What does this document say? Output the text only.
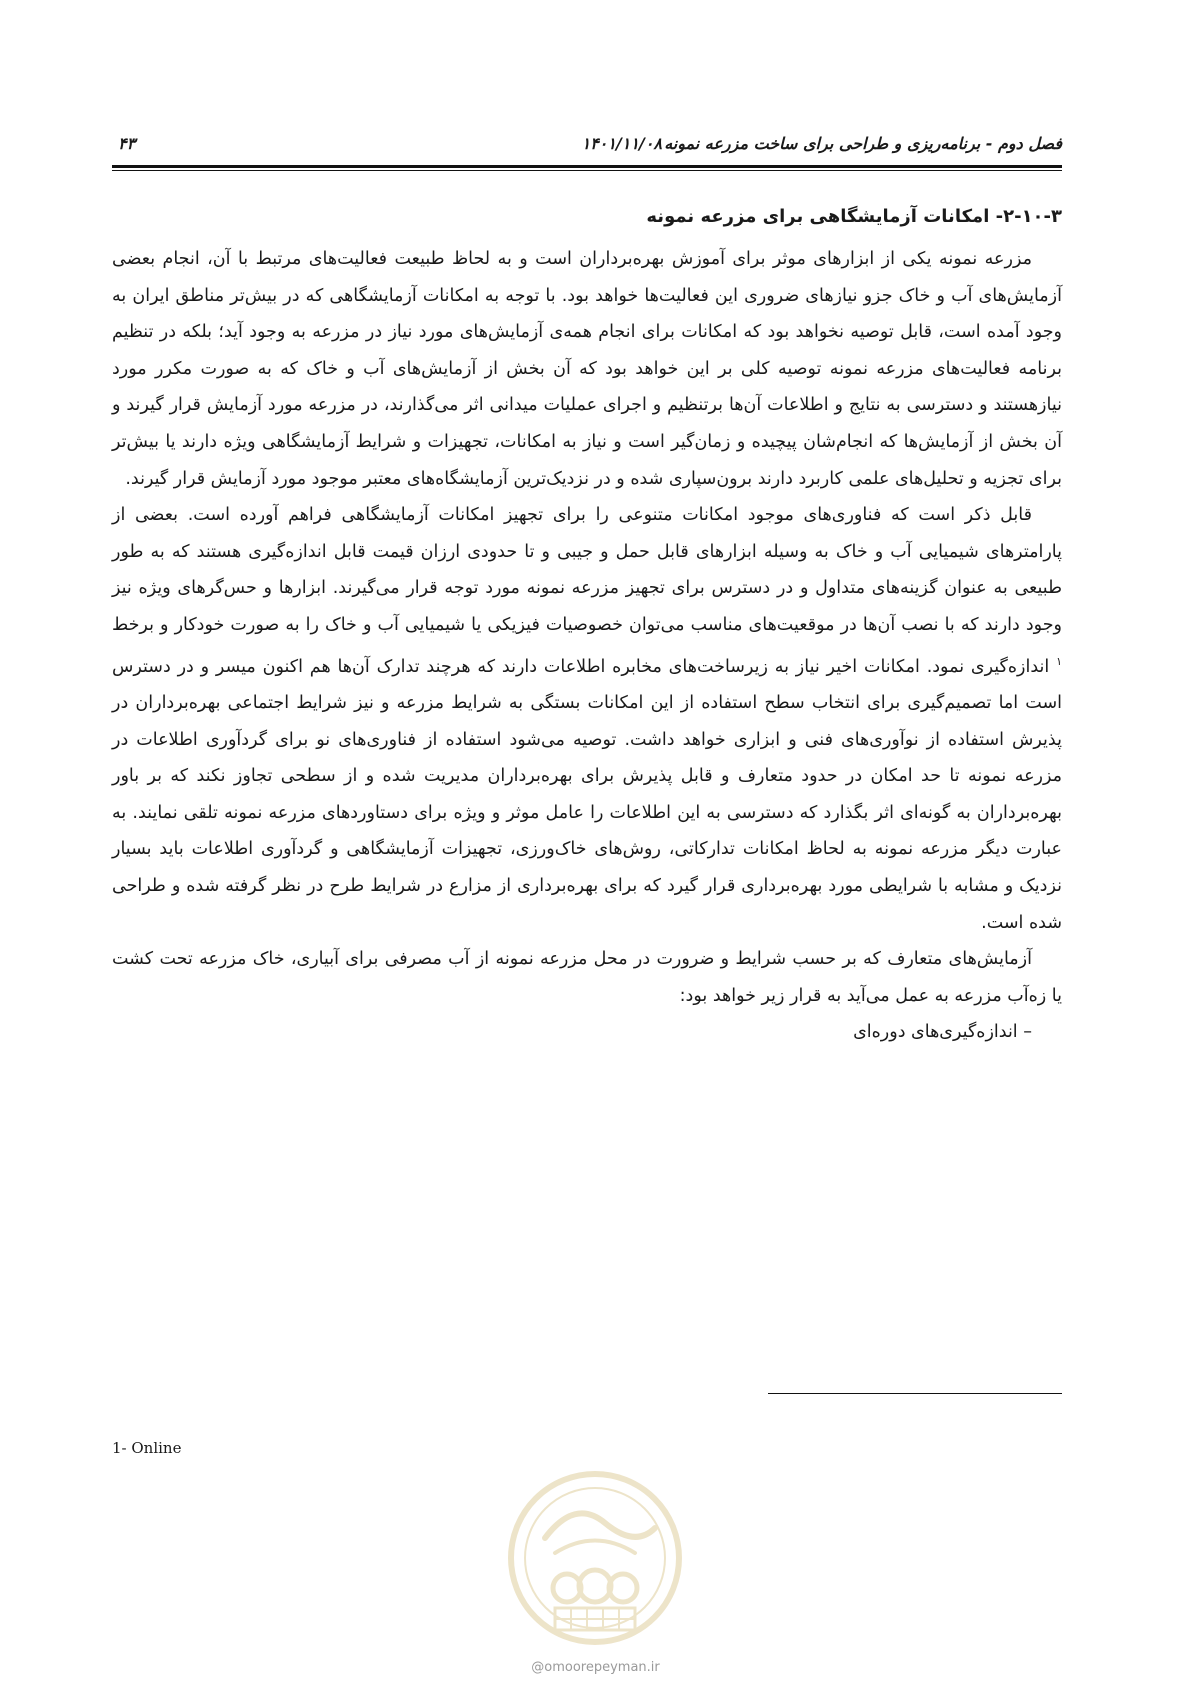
فصل دوم - برنامه‌ریزی و طراحی برای ساخت مزرعه نمونه
۱۴۰۱/۱۱/۰۸
۴۳
۲-۱۰-۳- امکانات آزمایشگاهی برای مزرعه نمونه

مزرعه نمونه یکی از ابزارهای موثر برای آموزش بهره‌برداران است و به لحاظ طبیعت فعالیت‌های مرتبط با آن، انجام بعضی آزمایش‌های آب و خاک جزو نیازهای ضروری این فعالیت‌ها خواهد بود. با توجه به امکانات آزمایشگاهی که در بیش‌تر مناطق ایران به وجود آمده است، قابل توصیه نخواهد بود که امکانات برای انجام همه‌ی آزمایش‌های مورد نیاز در مزرعه به وجود آید؛ بلکه در تنظیم برنامه فعالیت‌های مزرعه نمونه توصیه کلی بر این خواهد بود که آن بخش از آزمایش‌های آب و خاک که به صورت مکرر مورد نیازهستند و دسترسی به نتایج و اطلاعات آن‌ها برتنظیم و اجرای عملیات میدانی اثر می‌گذارند، در مزرعه مورد آزمایش قرار گیرند و آن بخش از آزمایش‌ها که انجام‌شان پیچیده و زمان‌گیر است و نیاز به امکانات، تجهیزات و شرایط آزمایشگاهی ویژه دارند یا بیش‌تر برای تجزیه و تحلیل‌های علمی کاربرد دارند برون‌سپاری شده و در نزدیک‌ترین آزمایشگاه‌های معتبر موجود مورد آزمایش قرار گیرند.

قابل ذکر است که فناوری‌های موجود امکانات متنوعی را برای تجهیز امکانات آزمایشگاهی فراهم آورده است. بعضی از پارامترهای شیمیایی آب و خاک به وسیله ابزارهای قابل حمل و جیبی و تا حدودی ارزان قیمت قابل اندازه‌گیری هستند که به طور طبیعی به عنوان گزینه‌های متداول و در دسترس برای تجهیز مزرعه نمونه مورد توجه قرار می‌گیرند. ابزارها و حس‌گرهای ویژه نیز وجود دارند که با نصب آن‌ها در موقعیت‌های مناسب می‌توان خصوصیات فیزیکی یا شیمیایی آب و خاک را به صورت خودکار و برخط $^۱$ اندازه‌گیری نمود. امکانات اخیر نیاز به زیرساخت‌های مخابره اطلاعات دارند که هرچند تدارک آن‌ها هم اکنون میسر و در دسترس است اما تصمیم‌گیری برای انتخاب سطح استفاده از این امکانات بستگی به شرایط مزرعه و نیز شرایط اجتماعی بهره‌برداران در پذیرش استفاده از نوآوری‌های فنی و ابزاری خواهد داشت. توصیه می‌شود استفاده از فناوری‌های نو برای گردآوری اطلاعات در مزرعه نمونه تا حد امکان در حدود متعارف و قابل پذیرش برای بهره‌برداران مدیریت شده و از سطحی تجاوز نکند که بر باور بهره‌برداران به گونه‌ای اثر بگذارد که دسترسی به این اطلاعات را عامل موثر و ویژه برای دستاوردهای مزرعه نمونه تلقی نمایند. به عبارت دیگر مزرعه نمونه به لحاظ امکانات تدارکاتی، روش‌های خاک‌ورزی، تجهیزات آزمایشگاهی و گردآوری اطلاعات باید بسیار نزدیک و مشابه با شرایطی مورد بهره‌برداری قرار گیرد که برای بهره‌برداری از مزارع در شرایط طرح در نظر گرفته شده و طراحی شده است.

آزمایش‌های متعارف که بر حسب شرایط و ضرورت در محل مزرعه نمونه از آب مصرفی برای آبیاری، خاک مزرعه تحت کشت یا زه‌آب مزرعه به عمل می‌آید به قرار زیر خواهد بود:

– اندازه‌گیری‌های دوره‌ای

1- Online
@omoorepeyman.ir
